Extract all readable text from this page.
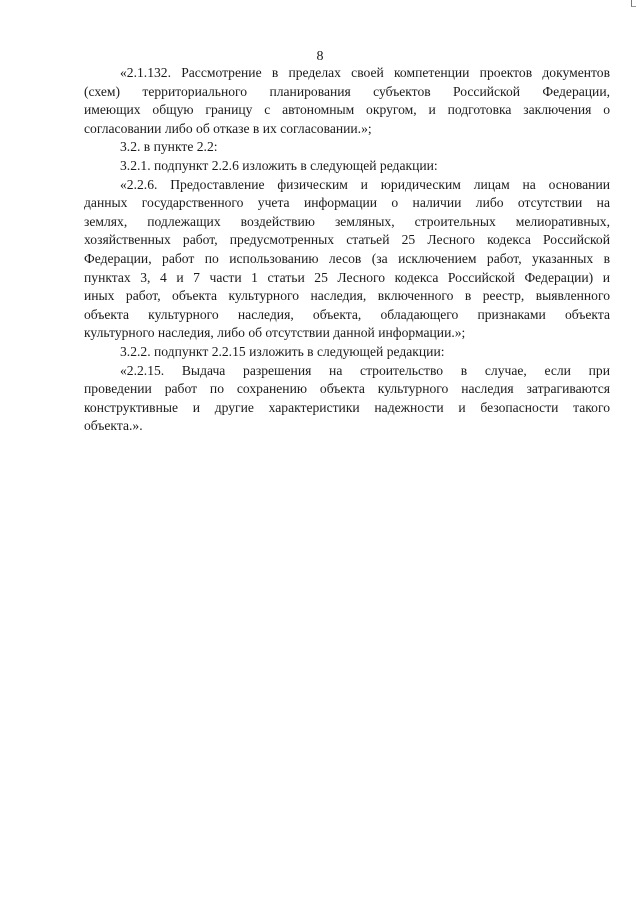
8
«2.1.132. Рассмотрение в пределах своей компетенции проектов документов
(схем) территориального планирования субъектов Российской Федерации,
имеющих общую границу с автономным округом, и подготовка заключения о
согласовании либо об отказе в их согласовании.»;
3.2. в пункте 2.2:
3.2.1. подпункт 2.2.6 изложить в следующей редакции:
«2.2.6. Предоставление физическим и юридическим лицам на основании
данных государственного учета информации о наличии либо отсутствии на
землях, подлежащих воздействию земляных, строительных мелиоративных,
хозяйственных работ, предусмотренных статьей 25 Лесного кодекса Российской
Федерации, работ по использованию лесов (за исключением работ, указанных в
пунктах 3, 4 и 7 части 1 статьи 25 Лесного кодекса Российской Федерации) и
иных работ, объекта культурного наследия, включенного в реестр, выявленного
объекта культурного наследия, объекта, обладающего признаками объекта
культурного наследия, либо об отсутствии данной информации.»;
3.2.2. подпункт 2.2.15 изложить в следующей редакции:
«2.2.15. Выдача разрешения на строительство в случае, если при
проведении работ по сохранению объекта культурного наследия затрагиваются
конструктивные и другие характеристики надежности и безопасности такого
объекта.».
